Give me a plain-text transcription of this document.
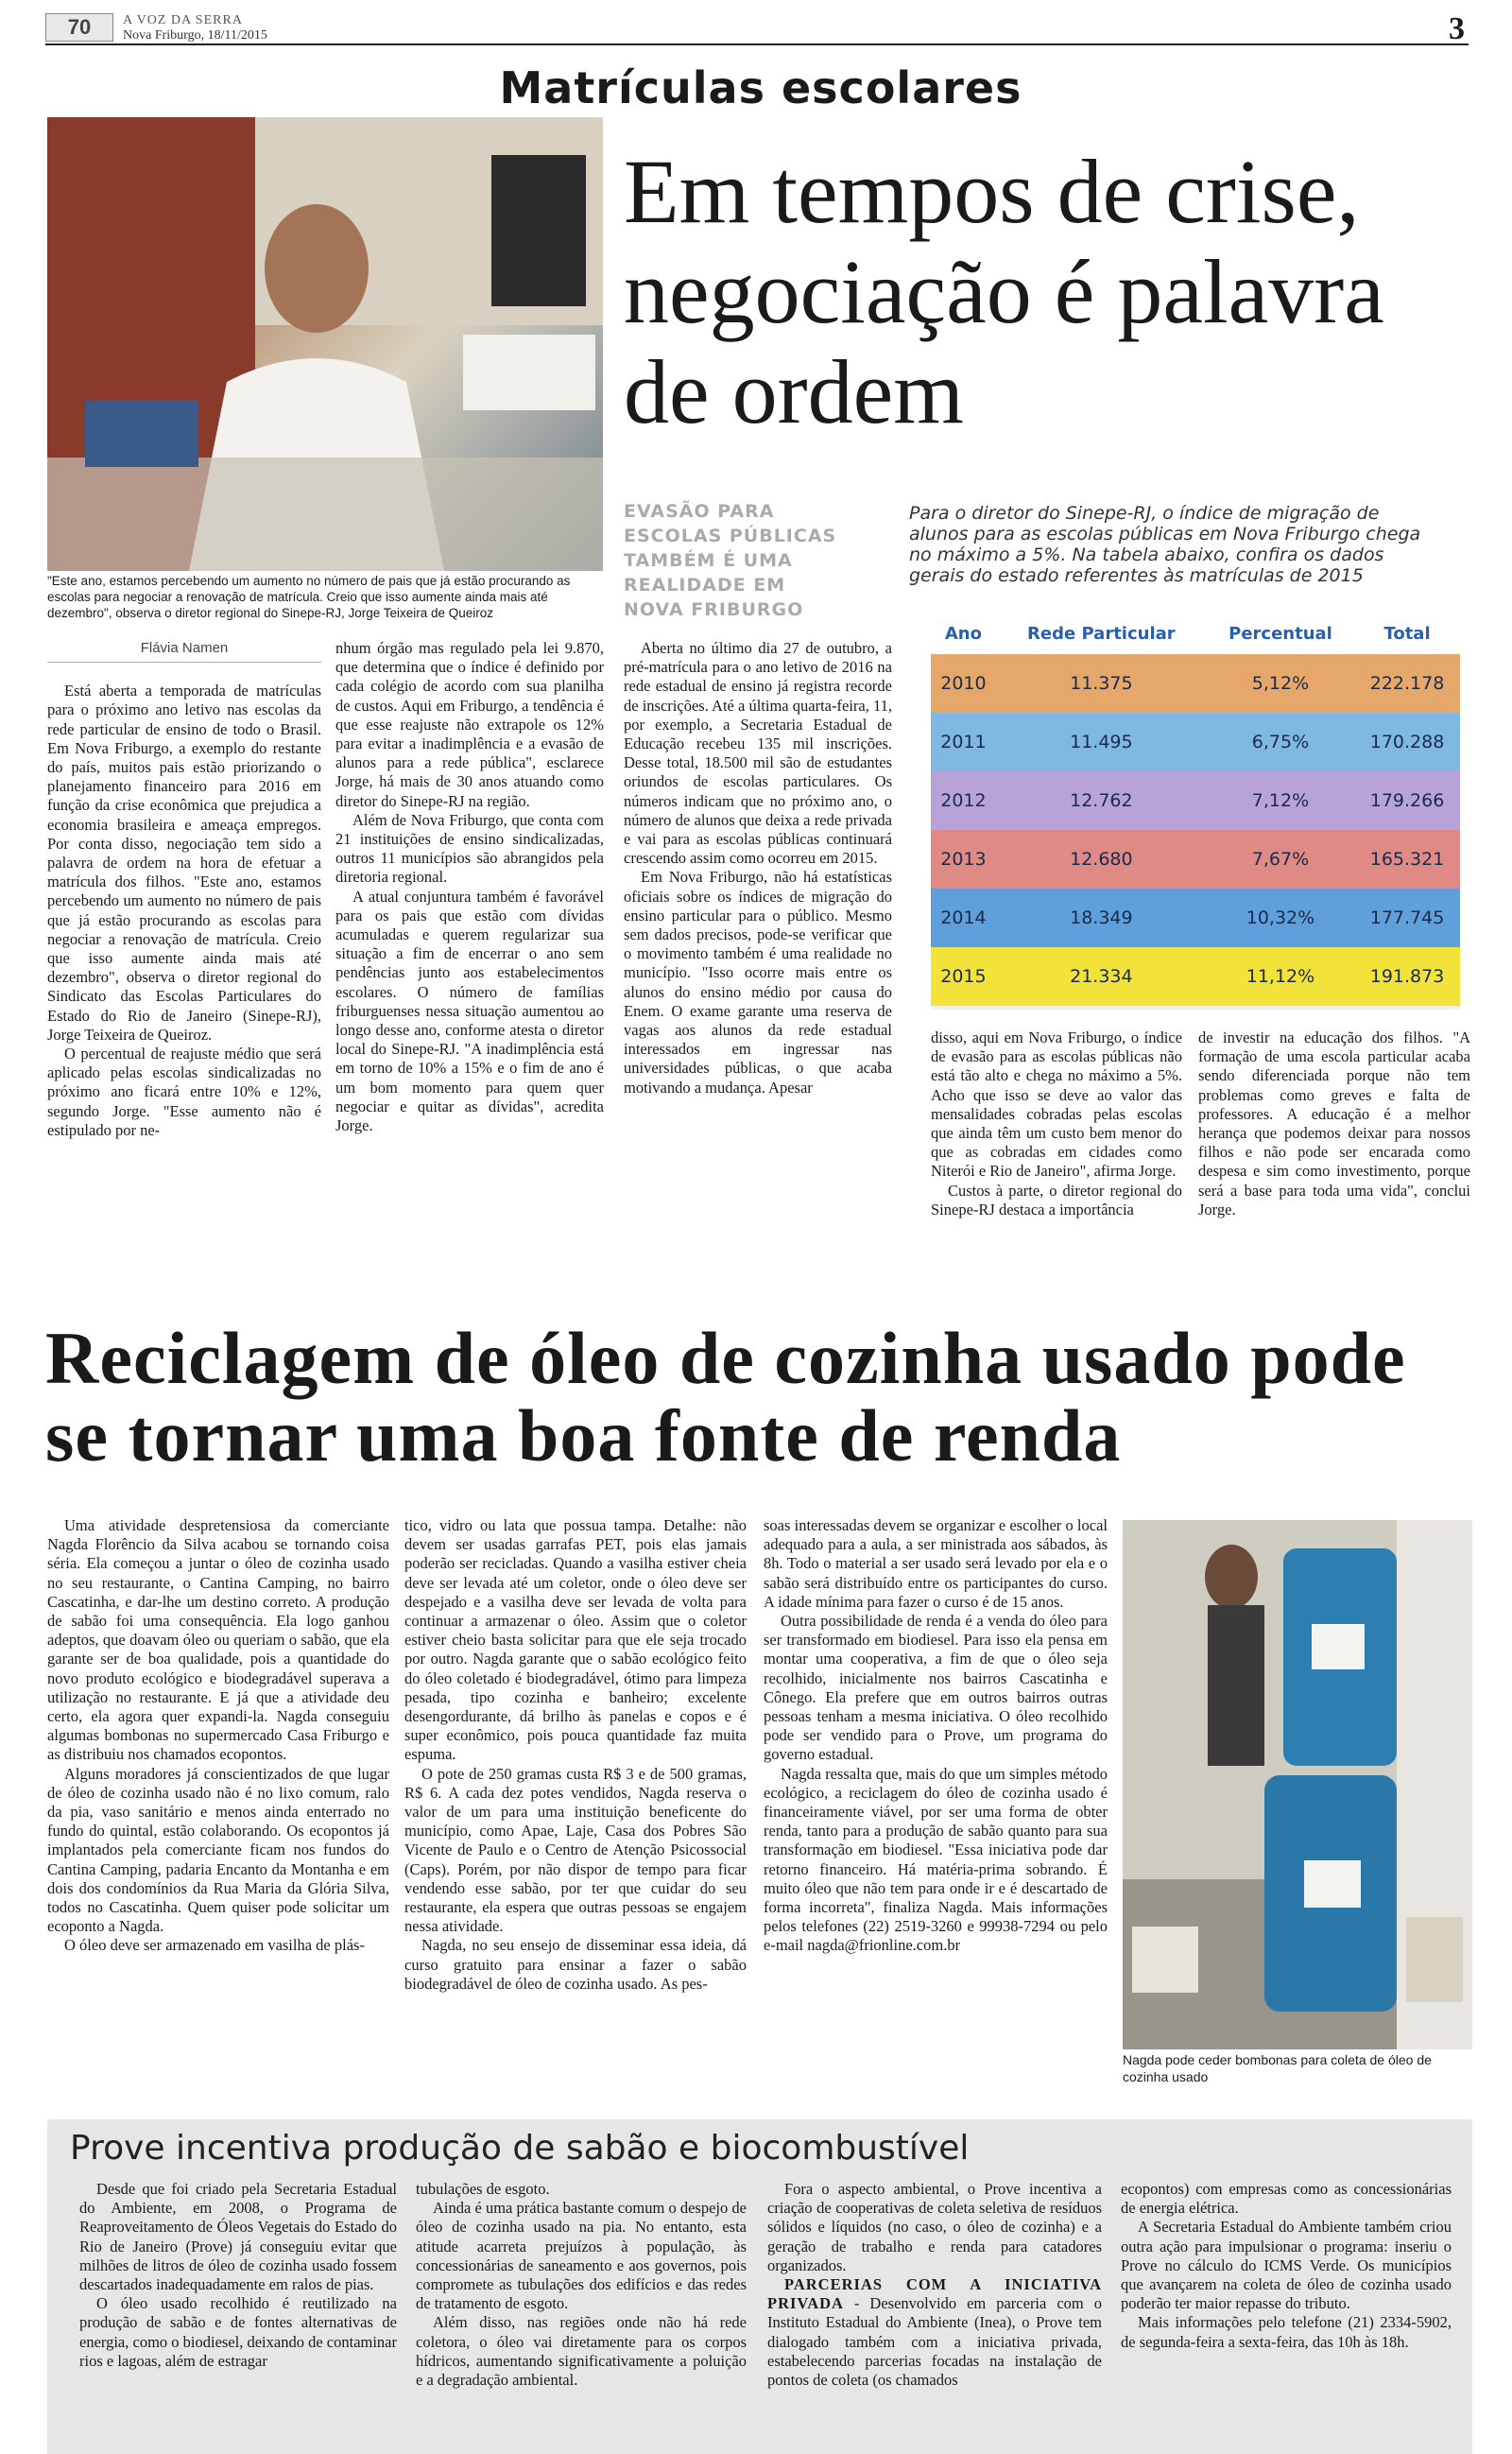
70	A VOZ DA SERRA
Nova Friburgo, 18/11/2015	3
Matrículas escolares
"Este ano, estamos percebendo um aumento no número de pais que já estão procurando as escolas para negociar a renovação de matrícula. Creio que isso aumente ainda mais até dezembro", observa o diretor regional do Sinepe-RJ, Jorge Teixeira de Queiroz
Em tempos de crise, negociação é palavra de ordem

Flávia Namen

Está aberta a temporada de matrículas para o próximo ano letivo nas escolas da rede particular de ensino de todo o Brasil. Em Nova Friburgo, a exemplo do restante do país, muitos pais estão priorizando o planejamento financeiro para 2016 em função da crise econômica que prejudica a economia brasileira e ameaça empregos. Por conta disso, negociação tem sido a palavra de ordem na hora de efetuar a matrícula dos filhos. "Este ano, estamos percebendo um aumento no número de pais que já estão procurando as escolas para negociar a renovação de matrícula. Creio que isso aumente ainda mais até dezembro", observa o diretor regional do Sindicato das Escolas Particulares do Estado do Rio de Janeiro (Sinepe-RJ), Jorge Teixeira de Queiroz.

O percentual de reajuste médio que será aplicado pelas escolas sindicalizadas no próximo ano ficará entre 10% e 12%, segundo Jorge. "Esse aumento não é estipulado por ne-

nhum órgão mas regulado pela lei 9.870, que determina que o índice é definido por cada colégio de acordo com sua planilha de custos. Aqui em Friburgo, a tendência é que esse reajuste não extrapole os 12% para evitar a inadimplência e a evasão de alunos para a rede pública", esclarece Jorge, há mais de 30 anos atuando como diretor do Sinepe-RJ na região.

Além de Nova Friburgo, que conta com 21 instituições de ensino sindicalizadas, outros 11 municípios são abrangidos pela diretoria regional.

A atual conjuntura também é favorável para os pais que estão com dívidas acumuladas e querem regularizar sua situação a fim de encerrar o ano sem pendências junto aos estabelecimentos escolares. O número de famílias friburguenses nessa situação aumentou ao longo desse ano, conforme atesta o diretor local do Sinepe-RJ. "A inadimplência está em torno de 10% a 15% e o fim de ano é um bom momento para quem quer negociar e quitar as dívidas", acredita Jorge.

EVASÃO PARA ESCOLAS PÚBLICAS TAMBÉM É UMA REALIDADE EM NOVA FRIBURGO

Aberta no último dia 27 de outubro, a pré-matrícula para o ano letivo de 2016 na rede estadual de ensino já registra recorde de inscrições. Até a última quarta-feira, 11, por exemplo, a Secretaria Estadual de Educação recebeu 135 mil inscrições. Desse total, 18.500 mil são de estudantes oriundos de escolas particulares. Os números indicam que no próximo ano, o número de alunos que deixa a rede privada e vai para as escolas públicas continuará crescendo assim como ocorreu em 2015.

Em Nova Friburgo, não há estatísticas oficiais sobre os índices de migração do ensino particular para o público. Mesmo sem dados precisos, pode-se verificar que o movimento também é uma realidade no município. "Isso ocorre mais entre os alunos do ensino médio por causa do Enem. O exame garante uma reserva de vagas aos alunos da rede estadual interessados em ingressar nas universidades públicas, o que acaba motivando a mudança. Apesar

Para o diretor do Sinepe-RJ, o índice de migração de alunos para as escolas públicas em Nova Friburgo chega no máximo a 5%. Na tabela abaixo, confira os dados gerais do estado referentes às matrículas de 2015
Ano	Rede Particular	Percentual	Total
2010	11.375	5,12%	222.178
2011	11.495	6,75%	170.288
2012	12.762	7,12%	179.266
2013	12.680	7,67%	165.321
2014	18.349	10,32%	177.745
2015	21.334	11,12%	191.873

disso, aqui em Nova Friburgo, o índice de evasão para as escolas públicas não está tão alto e chega no máximo a 5%. Acho que isso se deve ao valor das mensalidades cobradas pelas escolas que ainda têm um custo bem menor do que as cobradas em cidades como Niterói e Rio de Janeiro", afirma Jorge.

Custos à parte, o diretor regional do Sinepe-RJ destaca a importância

de investir na educação dos filhos. "A formação de uma escola particular acaba sendo diferenciada porque não tem problemas como greves e falta de professores. A educação é a melhor herança que podemos deixar para nossos filhos e não pode ser encarada como despesa e sim como investimento, porque será a base para toda uma vida", conclui Jorge.

Reciclagem de óleo de cozinha usado pode se tornar uma boa fonte de renda

Uma atividade despretensiosa da comerciante Nagda Florêncio da Silva acabou se tornando coisa séria. Ela começou a juntar o óleo de cozinha usado no seu restaurante, o Cantina Camping, no bairro Cascatinha, e dar-lhe um destino correto. A produção de sabão foi uma consequência. Ela logo ganhou adeptos, que doavam óleo ou queriam o sabão, que ela garante ser de boa qualidade, pois a quantidade do novo produto ecológico e biodegradável superava a utilização no restaurante. E já que a atividade deu certo, ela agora quer expandi-la. Nagda conseguiu algumas bombonas no supermercado Casa Friburgo e as distribuiu nos chamados ecopontos.

Alguns moradores já conscientizados de que lugar de óleo de cozinha usado não é no lixo comum, ralo da pia, vaso sanitário e menos ainda enterrado no fundo do quintal, estão colaborando. Os ecopontos já implantados pela comerciante ficam nos fundos do Cantina Camping, padaria Encanto da Montanha e em dois dos condomínios da Rua Maria da Glória Silva, todos no Cascatinha. Quem quiser pode solicitar um ecoponto a Nagda.

O óleo deve ser armazenado em vasilha de plás-

tico, vidro ou lata que possua tampa. Detalhe: não devem ser usadas garrafas PET, pois elas jamais poderão ser recicladas. Quando a vasilha estiver cheia deve ser levada até um coletor, onde o óleo deve ser despejado e a vasilha deve ser levada de volta para continuar a armazenar o óleo. Assim que o coletor estiver cheio basta solicitar para que ele seja trocado por outro. Nagda garante que o sabão ecológico feito do óleo coletado é biodegradável, ótimo para limpeza pesada, tipo cozinha e banheiro; excelente desengordurante, dá brilho às panelas e copos e é super econômico, pois pouca quantidade faz muita espuma.

O pote de 250 gramas custa R$ 3 e de 500 gramas, R$ 6. A cada dez potes vendidos, Nagda reserva o valor de um para uma instituição beneficente do município, como Apae, Laje, Casa dos Pobres São Vicente de Paulo e o Centro de Atenção Psicossocial (Caps). Porém, por não dispor de tempo para ficar vendendo esse sabão, por ter que cuidar do seu restaurante, ela espera que outras pessoas se engajem nessa atividade.

Nagda, no seu ensejo de disseminar essa ideia, dá curso gratuito para ensinar a fazer o sabão biodegradável de óleo de cozinha usado. As pes-

soas interessadas devem se organizar e escolher o local adequado para a aula, a ser ministrada aos sábados, às 8h. Todo o material a ser usado será levado por ela e o sabão será distribuído entre os participantes do curso. A idade mínima para fazer o curso é de 15 anos.

Outra possibilidade de renda é a venda do óleo para ser transformado em biodiesel. Para isso ela pensa em montar uma cooperativa, a fim de que o óleo seja recolhido, inicialmente nos bairros Cascatinha e Cônego. Ela prefere que em outros bairros outras pessoas tenham a mesma iniciativa. O óleo recolhido pode ser vendido para o Prove, um programa do governo estadual.

Nagda ressalta que, mais do que um simples método ecológico, a reciclagem do óleo de cozinha usado é financeiramente viável, por ser uma forma de obter renda, tanto para a produção de sabão quanto para sua transformação em biodiesel. "Essa iniciativa pode dar retorno financeiro. Há matéria-prima sobrando. É muito óleo que não tem para onde ir e é descartado de forma incorreta", finaliza Nagda. Mais informações pelos telefones (22) 2519-3260 e 99938-7294 ou pelo e-mail nagda@frionline.com.br

Nagda pode ceder bombonas para coleta de óleo de cozinha usado
Prove incentiva produção de sabão e biocombustível

Desde que foi criado pela Secretaria Estadual do Ambiente, em 2008, o Programa de Reaproveitamento de Óleos Vegetais do Estado do Rio de Janeiro (Prove) já conseguiu evitar que milhões de litros de óleo de cozinha usado fossem descartados inadequadamente em ralos de pias.

O óleo usado recolhido é reutilizado na produção de sabão e de fontes alternativas de energia, como o biodiesel, deixando de contaminar rios e lagoas, além de estragar

tubulações de esgoto.

Ainda é uma prática bastante comum o despejo de óleo de cozinha usado na pia. No entanto, esta atitude acarreta prejuízos à população, às concessionárias de saneamento e aos governos, pois compromete as tubulações dos edifícios e das redes de tratamento de esgoto.

Além disso, nas regiões onde não há rede coletora, o óleo vai diretamente para os corpos hídricos, aumentando significativamente a poluição e a degradação ambiental.

Fora o aspecto ambiental, o Prove incentiva a criação de cooperativas de coleta seletiva de resíduos sólidos e líquidos (no caso, o óleo de cozinha) e a geração de trabalho e renda para catadores organizados.

PARCERIAS COM A INICIATIVA PRIVADA - Desenvolvido em parceria com o Instituto Estadual do Ambiente (Inea), o Prove tem dialogado também com a iniciativa privada, estabelecendo parcerias focadas na instalação de pontos de coleta (os chamados

ecopontos) com empresas como as concessionárias de energia elétrica.

A Secretaria Estadual do Ambiente também criou outra ação para impulsionar o programa: inseriu o Prove no cálculo do ICMS Verde. Os municípios que avançarem na coleta de óleo de cozinha usado poderão ter maior repasse do tributo.

Mais informações pelo telefone (21) 2334-5902, de segunda-feira a sexta-feira, das 10h às 18h.
